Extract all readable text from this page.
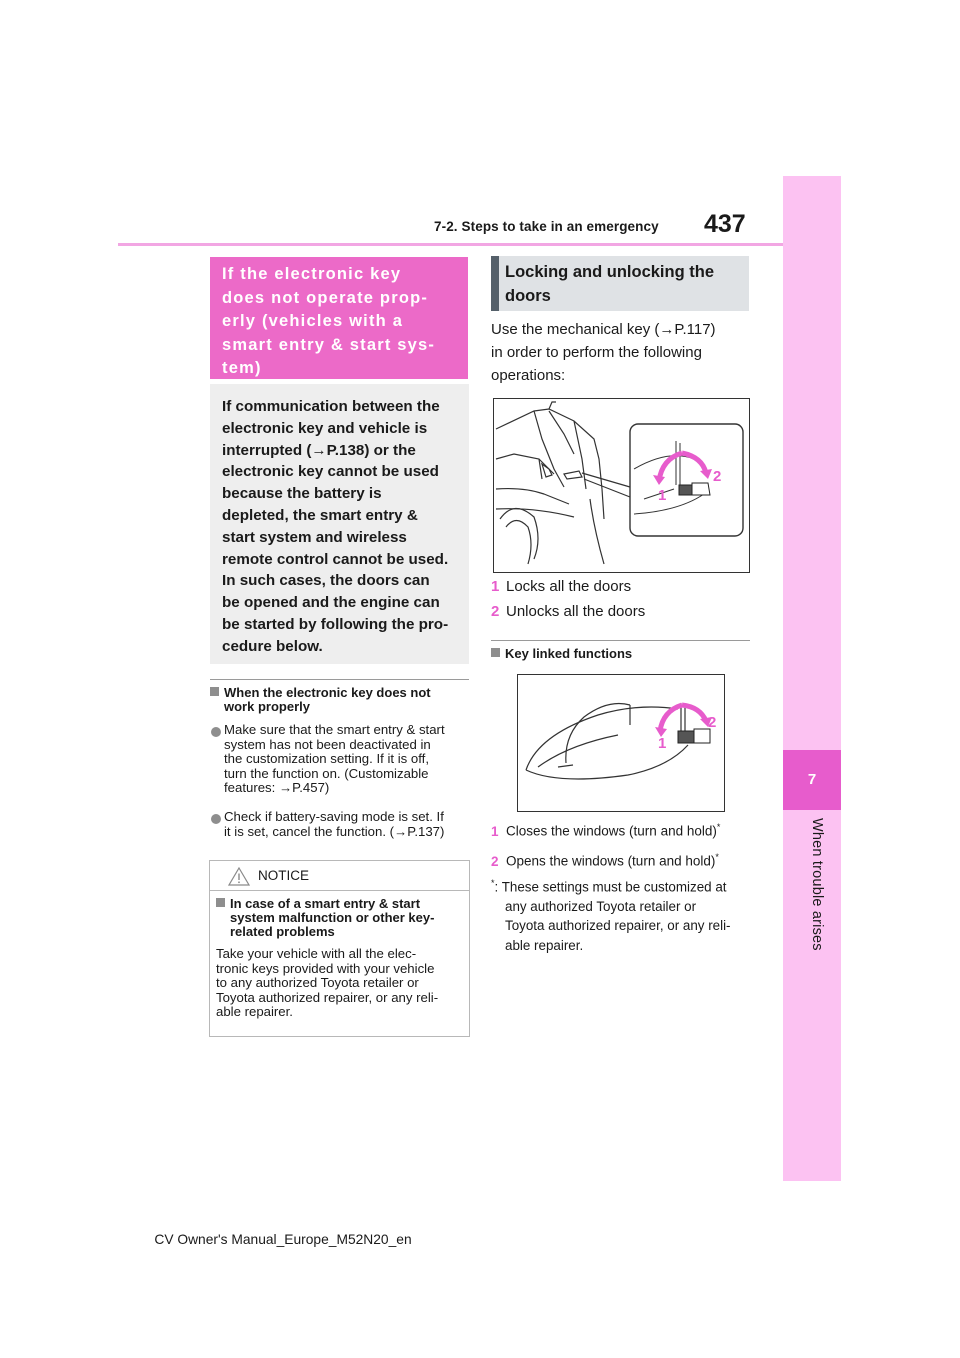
7-2. Steps to take in an emergency 437
7
When trouble arises
If the electronic key
does not operate prop-
erly (vehicles with a
smart entry & start sys-
tem)
If communication between the
electronic key and vehicle is
interrupted (→P.138) or the
electronic key cannot be used
because the battery is
depleted, the smart entry &
start system and wireless
remote control cannot be used.
In such cases, the doors can
be opened and the engine can
be started by following the pro-
cedure below.
When the electronic key does not
work properly
Make sure that the smart entry & start
system has not been deactivated in
the customization setting. If it is off,
turn the function on. (Customizable
features: →P.457)
Check if battery-saving mode is set. If
it is set, cancel the function. (→P.137)
NOTICE
In case of a smart entry & start
system malfunction or other key-
related problems
Take your vehicle with all the elec-
tronic keys provided with your vehicle
to any authorized Toyota retailer or
Toyota authorized repairer, or any reli-
able repairer.
Locking and unlocking the
doors
Use the mechanical key (→P.117)
in order to perform the following
operations:
1
2
1 Locks all the doors
2 Unlocks all the doors
Key linked functions
1
2
1 Closes the windows (turn and hold)*
2 Opens the windows (turn and hold)*
*: These settings must be customized at
any authorized Toyota retailer or
Toyota authorized repairer, or any reli-
able repairer.
CV Owner's Manual_Europe_M52N20_en
